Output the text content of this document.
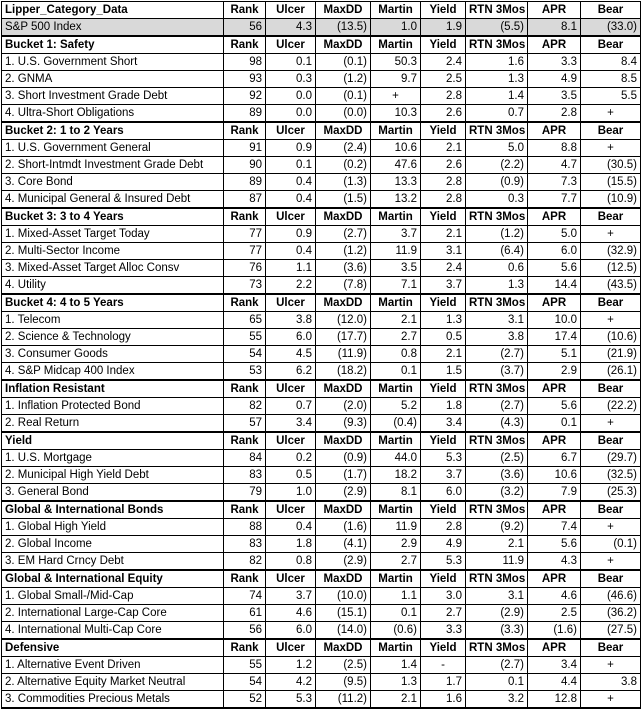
Lipper_Category_Data	Rank	Ulcer	MaxDD	Martin	Yield	RTN 3Mos	APR	Bear
S&P 500 Index	56	4.3	(13.5)	1.0	1.9	(5.5)	8.1	(33.0)
Bucket 1: Safety	Rank	Ulcer	MaxDD	Martin	Yield	RTN 3Mos	APR	Bear
1. U.S. Government Short	98	0.1	(0.1)	50.3	2.4	1.6	3.3	8.4
2. GNMA	93	0.3	(1.2)	9.7	2.5	1.3	4.9	8.5
3. Short Investment Grade Debt	92	0.0	(0.1)	+	2.8	1.4	3.5	5.5
4. Ultra-Short Obligations	89	0.0	(0.0)	10.3	2.6	0.7	2.8	+
Bucket 2: 1 to 2 Years	Rank	Ulcer	MaxDD	Martin	Yield	RTN 3Mos	APR	Bear
1. U.S. Government General	91	0.9	(2.4)	10.6	2.1	5.0	8.8	+
2. Short-Intmdt Investment Grade Debt	90	0.1	(0.2)	47.6	2.6	(2.2)	4.7	(30.5)
3. Core Bond	89	0.4	(1.3)	13.3	2.8	(0.9)	7.3	(15.5)
4. Municipal General & Insured Debt	87	0.4	(1.5)	13.2	2.8	0.3	7.7	(10.9)
Bucket 3: 3 to 4 Years	Rank	Ulcer	MaxDD	Martin	Yield	RTN 3Mos	APR	Bear
1. Mixed-Asset Target Today	77	0.9	(2.7)	3.7	2.1	(1.2)	5.0	+
2. Multi-Sector Income	77	0.4	(1.2)	11.9	3.1	(6.4)	6.0	(32.9)
3. Mixed-Asset Target Alloc Consv	76	1.1	(3.6)	3.5	2.4	0.6	5.6	(12.5)
4. Utility	73	2.2	(7.8)	7.1	3.7	1.3	14.4	(43.5)
Bucket 4: 4 to 5 Years	Rank	Ulcer	MaxDD	Martin	Yield	RTN 3Mos	APR	Bear
1. Telecom	65	3.8	(12.0)	2.1	1.3	3.1	10.0	+
2. Science & Technology	55	6.0	(17.7)	2.7	0.5	3.8	17.4	(10.6)
3. Consumer Goods	54	4.5	(11.9)	0.8	2.1	(2.7)	5.1	(21.9)
4. S&P Midcap 400 Index	53	6.2	(18.2)	0.1	1.5	(3.7)	2.9	(26.1)
Inflation Resistant	Rank	Ulcer	MaxDD	Martin	Yield	RTN 3Mos	APR	Bear
1. Inflation Protected Bond	82	0.7	(2.0)	5.2	1.8	(2.7)	5.6	(22.2)
2. Real Return	57	3.4	(9.3)	(0.4)	3.4	(4.3)	0.1	+
Yield	Rank	Ulcer	MaxDD	Martin	Yield	RTN 3Mos	APR	Bear
1. U.S. Mortgage	84	0.2	(0.9)	44.0	5.3	(2.5)	6.7	(29.7)
2. Municipal High Yield Debt	83	0.5	(1.7)	18.2	3.7	(3.6)	10.6	(32.5)
3. General Bond	79	1.0	(2.9)	8.1	6.0	(3.2)	7.9	(25.3)
Global & International Bonds	Rank	Ulcer	MaxDD	Martin	Yield	RTN 3Mos	APR	Bear
1. Global High Yield	88	0.4	(1.6)	11.9	2.8	(9.2)	7.4	+
2. Global Income	83	1.8	(4.1)	2.9	4.9	2.1	5.6	(0.1)
3. EM Hard Crncy Debt	82	0.8	(2.9)	2.7	5.3	11.9	4.3	+
Global & International Equity	Rank	Ulcer	MaxDD	Martin	Yield	RTN 3Mos	APR	Bear
1. Global Small-/Mid-Cap	74	3.7	(10.0)	1.1	3.0	3.1	4.6	(46.6)
2. International Large-Cap Core	61	4.6	(15.1)	0.1	2.7	(2.9)	2.5	(36.2)
4. International Multi-Cap Core	56	6.0	(14.0)	(0.6)	3.3	(3.3)	(1.6)	(27.5)
Defensive	Rank	Ulcer	MaxDD	Martin	Yield	RTN 3Mos	APR	Bear
1. Alternative Event Driven	55	1.2	(2.5)	1.4	-	(2.7)	3.4	+
2. Alternative Equity Market Neutral	54	4.2	(9.5)	1.3	1.7	0.1	4.4	3.8
3. Commodities Precious Metals	52	5.3	(11.2)	2.1	1.6	3.2	12.8	+
